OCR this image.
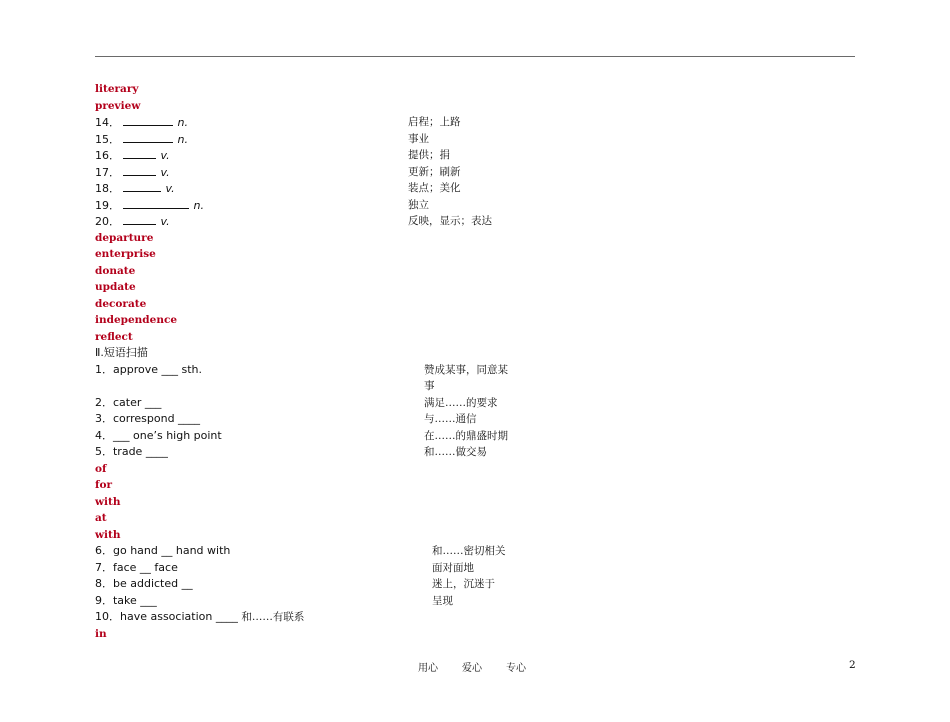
literary
preview
14．	n.	启程；上路
15．	n.	事业
16．	v.	提供；捐
17．	v.	更新；刷新
18．	v.	装点；美化
19．	n.	独立
20．	v.	反映，显示；表达
departure
enterprise
donate
update
decorate
independence
reflect
Ⅱ.短语扫描
1．approve ___ sth.	赞成某事，同意某
事
2．cater ___	满足……的要求
3．correspond ____	与……通信
4．___ one’s high point	在……的鼎盛时期
5．trade ____	和……做交易
of
for
with
at
with
6．go hand __ hand with	和……密切相关
7．face __ face	面对面地
8．be addicted __	迷上，沉迷于
9．take ___	呈现
10．have association ____ 和……有联系
in
用心 爱心 专心	2
